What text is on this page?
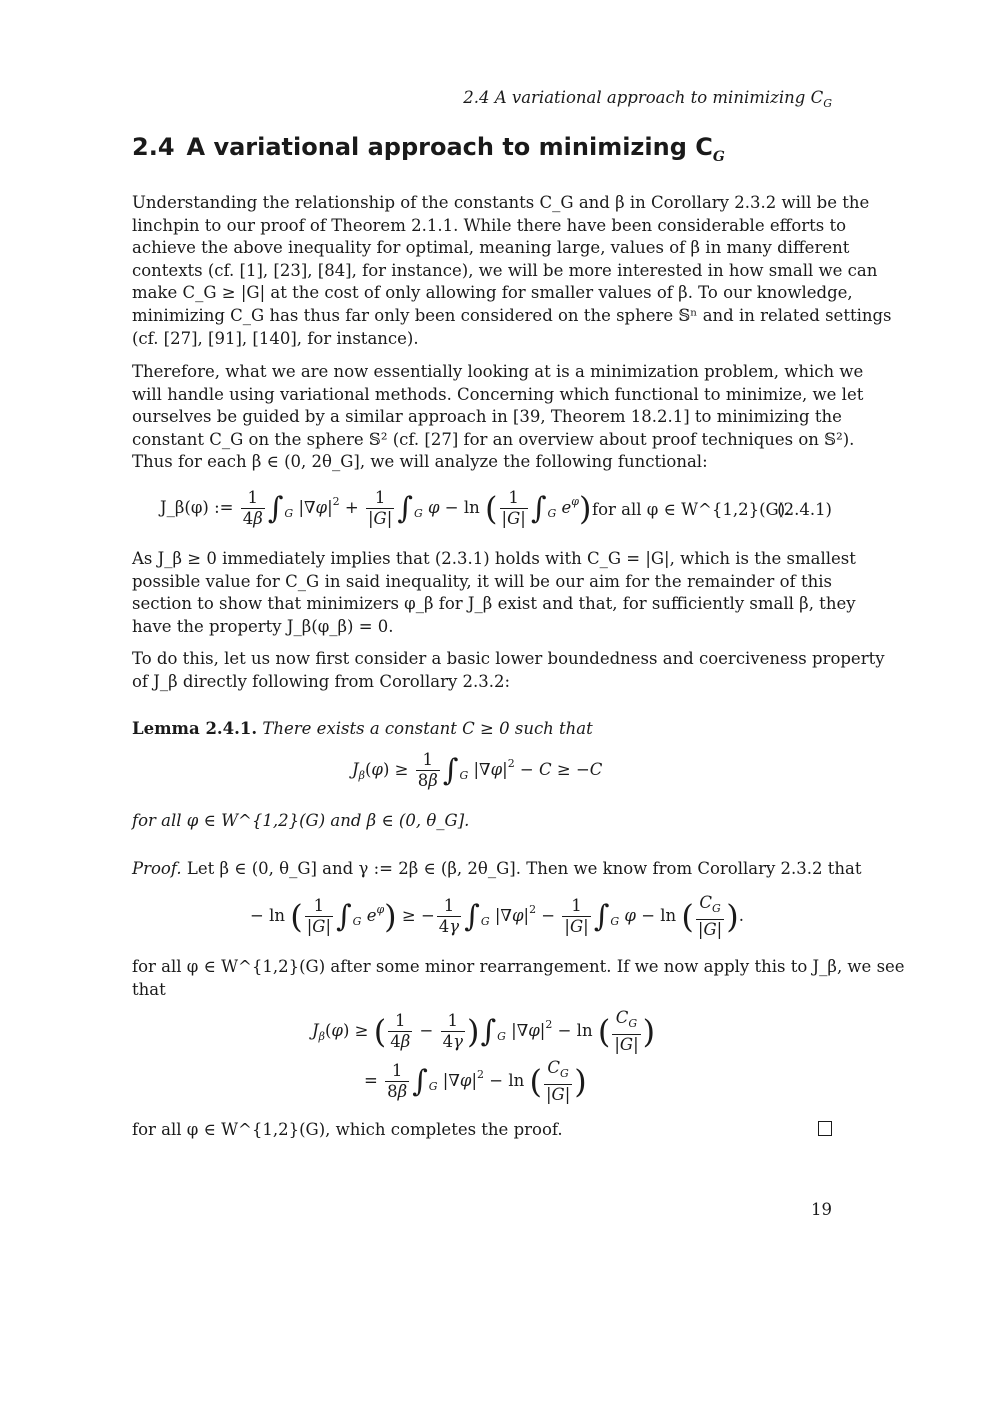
2.4 A variational approach to minimizing $C_G$
2.4 A variational approach to minimizing $C_G$
Understanding the relationship of the constants C_G and β in Corollary 2.3.2 will be the
linchpin to our proof of Theorem 2.1.1. While there have been considerable efforts to
achieve the above inequality for optimal, meaning large, values of β in many different
contexts (cf. [1], [23], [84], for instance), we will be more interested in how small we can
make C_G ≥ |G| at the cost of only allowing for smaller values of β. To our knowledge,
minimizing C_G has thus far only been considered on the sphere 𝕊ⁿ and in related settings
(cf. [27], [91], [140], for instance).
Therefore, what we are now essentially looking at is a minimization problem, which we
will handle using variational methods. Concerning which functional to minimize, we let
ourselves be guided by a similar approach in [39, Theorem 18.2.1] to minimizing the
constant C_G on the sphere 𝕊² (cf. [27] for an overview about proof techniques on 𝕊²).
Thus for each β ∈ (0, 2θ_G], we will analyze the following functional:
J_β(φ) := $\frac{1}{4\beta} \int_G$ $|\nabla\varphi|^2 + \frac{1}{|G|} \int_G$ φ − ln ( $\frac{1}{|G|} \int_G$ $e^\varphi$) for all φ ∈ W^{1,2}(G).
(2.4.1)
As J_β ≥ 0 immediately implies that (2.3.1) holds with C_G = |G|, which is the smallest
possible value for C_G in said inequality, it will be our aim for the remainder of this
section to show that minimizers φ_β for J_β exist and that, for sufficiently small β, they
have the property J_β(φ_β) = 0.
To do this, let us now first consider a basic lower boundedness and coerciveness property
of J_β directly following from Corollary 2.3.2:
Lemma 2.4.1. There exists a constant C ≥ 0 such that
$J_\beta(\varphi) \ge \frac{1}{8\beta} \int_G$ $|\nabla\varphi|^2 - C \ge -C$
for all φ ∈ W^{1,2}(G) and β ∈ (0, θ_G].
Proof. Let β ∈ (0, θ_G] and γ := 2β ∈ (β, 2θ_G]. Then we know from Corollary 2.3.2 that
− ln ( $\frac{1}{|G|} \int_G$ $e^\varphi$) ≥ − $\frac{1}{4\gamma} \int_G$ $|\nabla\varphi|^2 - \frac{1}{|G|} \int_G$ φ − ln ( $\frac{C_G}{|G|}$ ).
for all φ ∈ W^{1,2}(G) after some minor rearrangement. If we now apply this to J_β, we see
that
$J_\beta(\varphi)$ ≥ ( $\frac{1}{4\beta} - \frac{1}{4\gamma} )\int_G$ $|\nabla\varphi|^2 - \ln$ ( $\frac{C_G}{|G|}$ )
= $\frac{1}{8\beta} \int_G$ $|\nabla\varphi|^2 - \ln$ ( $\frac{C_G}{|G|}$ )
for all φ ∈ W^{1,2}(G), which completes the proof.
19
